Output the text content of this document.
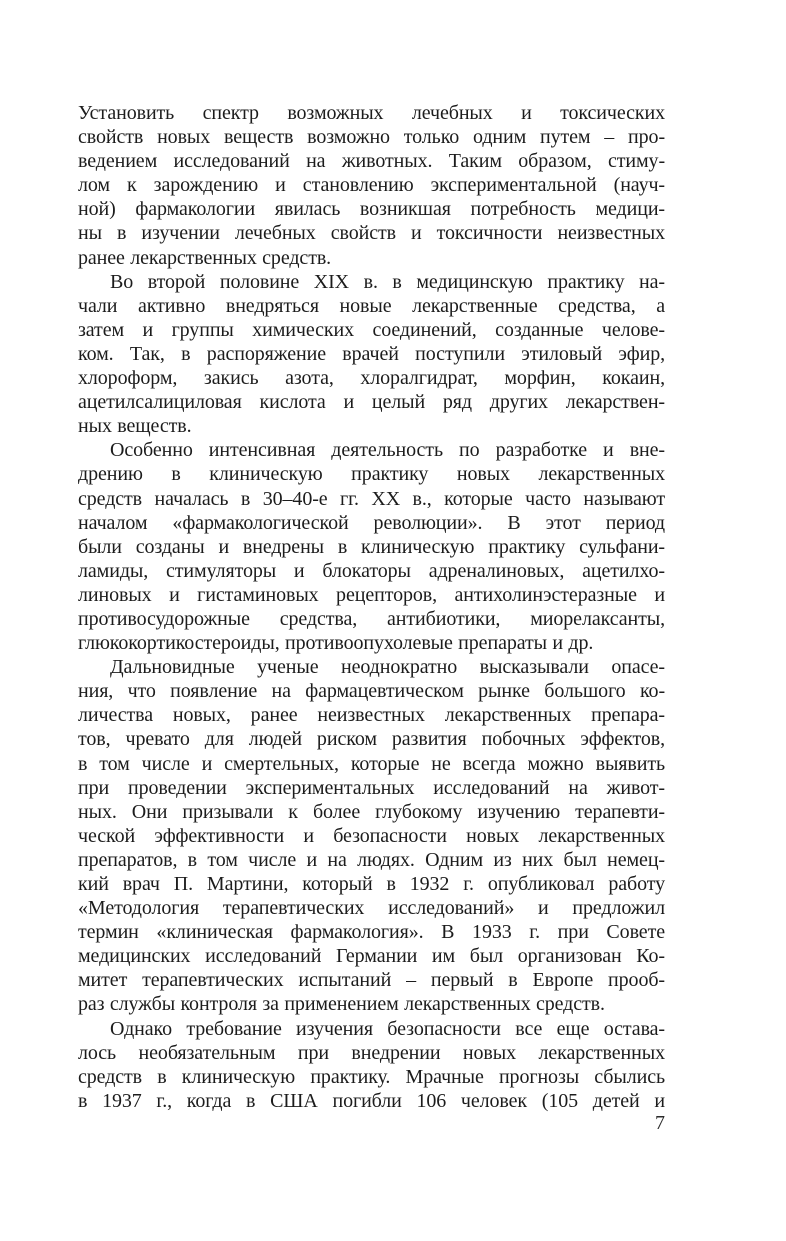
Установить спектр возможных лечебных и токсических
свойств новых веществ возможно только одним путем – про-
ведением исследований на животных. Таким образом, стиму-
лом к зарождению и становлению экспериментальной (науч-
ной) фармакологии явилась возникшая потребность медици-
ны в изучении лечебных свойств и токсичности неизвестных
ранее лекарственных средств.
Во второй половине XIX в. в медицинскую практику на-
чали активно внедряться новые лекарственные средства, а
затем и группы химических соединений, созданные челове-
ком. Так, в распоряжение врачей поступили этиловый эфир,
хлороформ, закись азота, хлоралгидрат, морфин, кокаин,
ацетилсалициловая кислота и целый ряд других лекарствен-
ных веществ.
Особенно интенсивная деятельность по разработке и вне-
дрению в клиническую практику новых лекарственных
средств началась в 30–40-е гг. XX в., которые часто называют
началом «фармакологической революции». В этот период
были созданы и внедрены в клиническую практику сульфани-
ламиды, стимуляторы и блокаторы адреналиновых, ацетилхо-
линовых и гистаминовых рецепторов, антихолинэстеразные и
противосудорожные средства, антибиотики, миорелаксанты,
глюкокортикостероиды, противоопухолевые препараты и др.
Дальновидные ученые неоднократно высказывали опасе-
ния, что появление на фармацевтическом рынке большого ко-
личества новых, ранее неизвестных лекарственных препара-
тов, чревато для людей риском развития побочных эффектов,
в том числе и смертельных, которые не всегда можно выявить
при проведении экспериментальных исследований на живот-
ных. Они призывали к более глубокому изучению терапевти-
ческой эффективности и безопасности новых лекарственных
препаратов, в том числе и на людях. Одним из них был немец-
кий врач П. Мартини, который в 1932 г. опубликовал работу
«Методология терапевтических исследований» и предложил
термин «клиническая фармакология». В 1933 г. при Совете
медицинских исследований Германии им был организован Ко-
митет терапевтических испытаний – первый в Европе прооб-
раз службы контроля за применением лекарственных средств.
Однако требование изучения безопасности все еще остава-
лось необязательным при внедрении новых лекарственных
средств в клиническую практику. Мрачные прогнозы сбылись
в 1937 г., когда в США погибли 106 человек (105 детей и
7
